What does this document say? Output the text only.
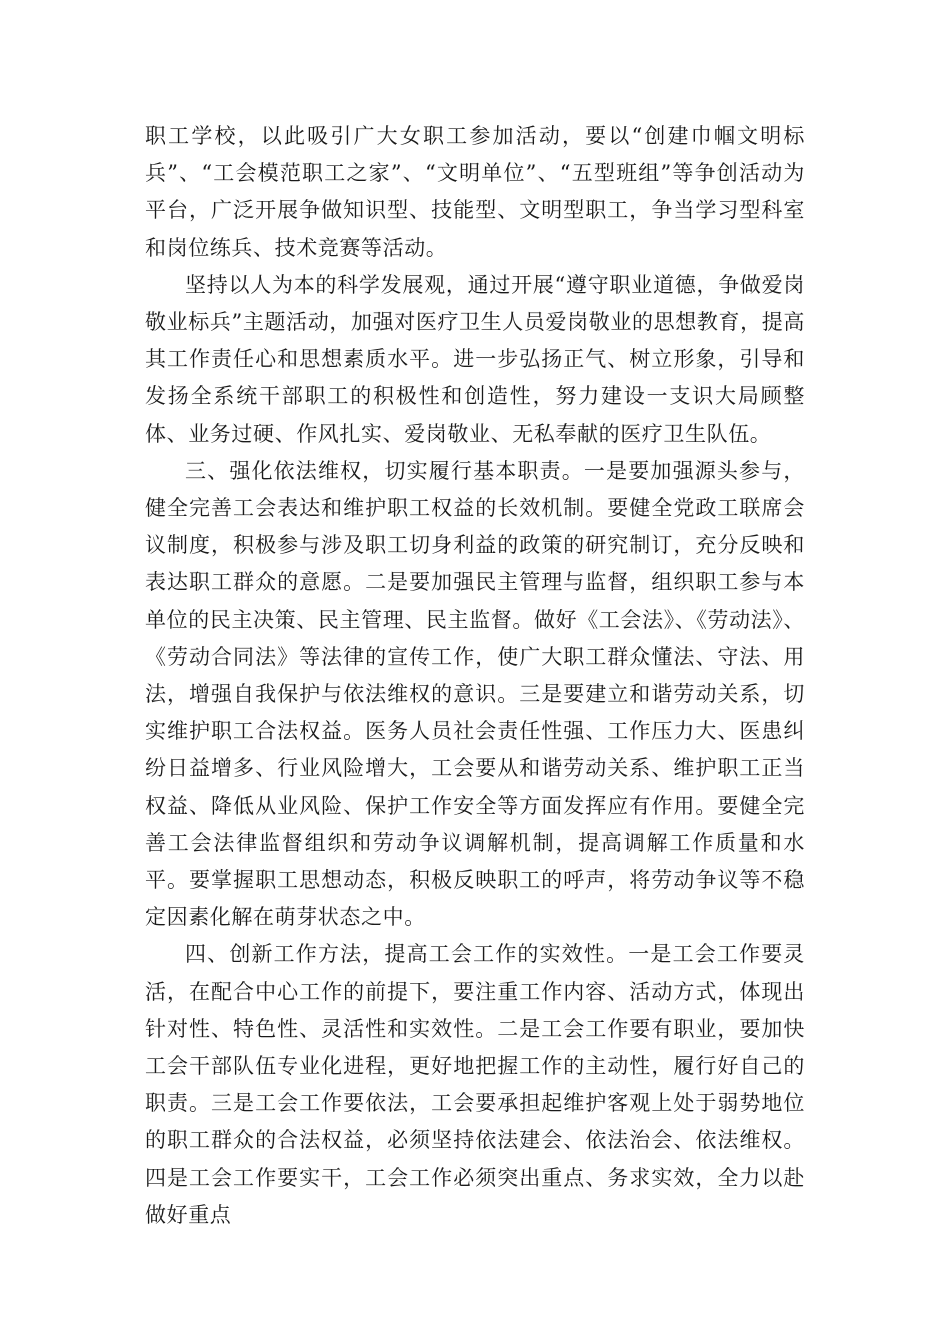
职工学校，以此吸引广大女职工参加活动，要以“创建巾帼文明标兵”、“工会模范职工之家”、“文明单位”、“五型班组”等争创活动为平台，广泛开展争做知识型、技能型、文明型职工，争当学习型科室和岗位练兵、技术竞赛等活动。

坚持以人为本的科学发展观，通过开展“遵守职业道德，争做爱岗敬业标兵”主题活动，加强对医疗卫生人员爱岗敬业的思想教育，提高其工作责任心和思想素质水平。进一步弘扬正气、树立形象，引导和发扬全系统干部职工的积极性和创造性，努力建设一支识大局顾整体、业务过硬、作风扎实、爱岗敬业、无私奉献的医疗卫生队伍。

三、强化依法维权，切实履行基本职责。一是要加强源头参与，健全完善工会表达和维护职工权益的长效机制。要健全党政工联席会议制度，积极参与涉及职工切身利益的政策的研究制订，充分反映和表达职工群众的意愿。二是要加强民主管理与监督，组织职工参与本单位的民主决策、民主管理、民主监督。做好《工会法》、《劳动法》、《劳动合同法》等法律的宣传工作，使广大职工群众懂法、守法、用法，增强自我保护与依法维权的意识。三是要建立和谐劳动关系，切实维护职工合法权益。医务人员社会责任性强、工作压力大、医患纠纷日益增多、行业风险增大，工会要从和谐劳动关系、维护职工正当权益、降低从业风险、保护工作安全等方面发挥应有作用。要健全完善工会法律监督组织和劳动争议调解机制，提高调解工作质量和水平。要掌握职工思想动态，积极反映职工的呼声，将劳动争议等不稳定因素化解在萌芽状态之中。

四、创新工作方法，提高工会工作的实效性。一是工会工作要灵活，在配合中心工作的前提下，要注重工作内容、活动方式，体现出针对性、特色性、灵活性和实效性。二是工会工作要有职业，要加快工会干部队伍专业化进程，更好地把握工作的主动性，履行好自己的职责。三是工会工作要依法，工会要承担起维护客观上处于弱势地位的职工群众的合法权益，必须坚持依法建会、依法治会、依法维权。四是工会工作要实干，工会工作必须突出重点、务求实效，全力以赴做好重点
